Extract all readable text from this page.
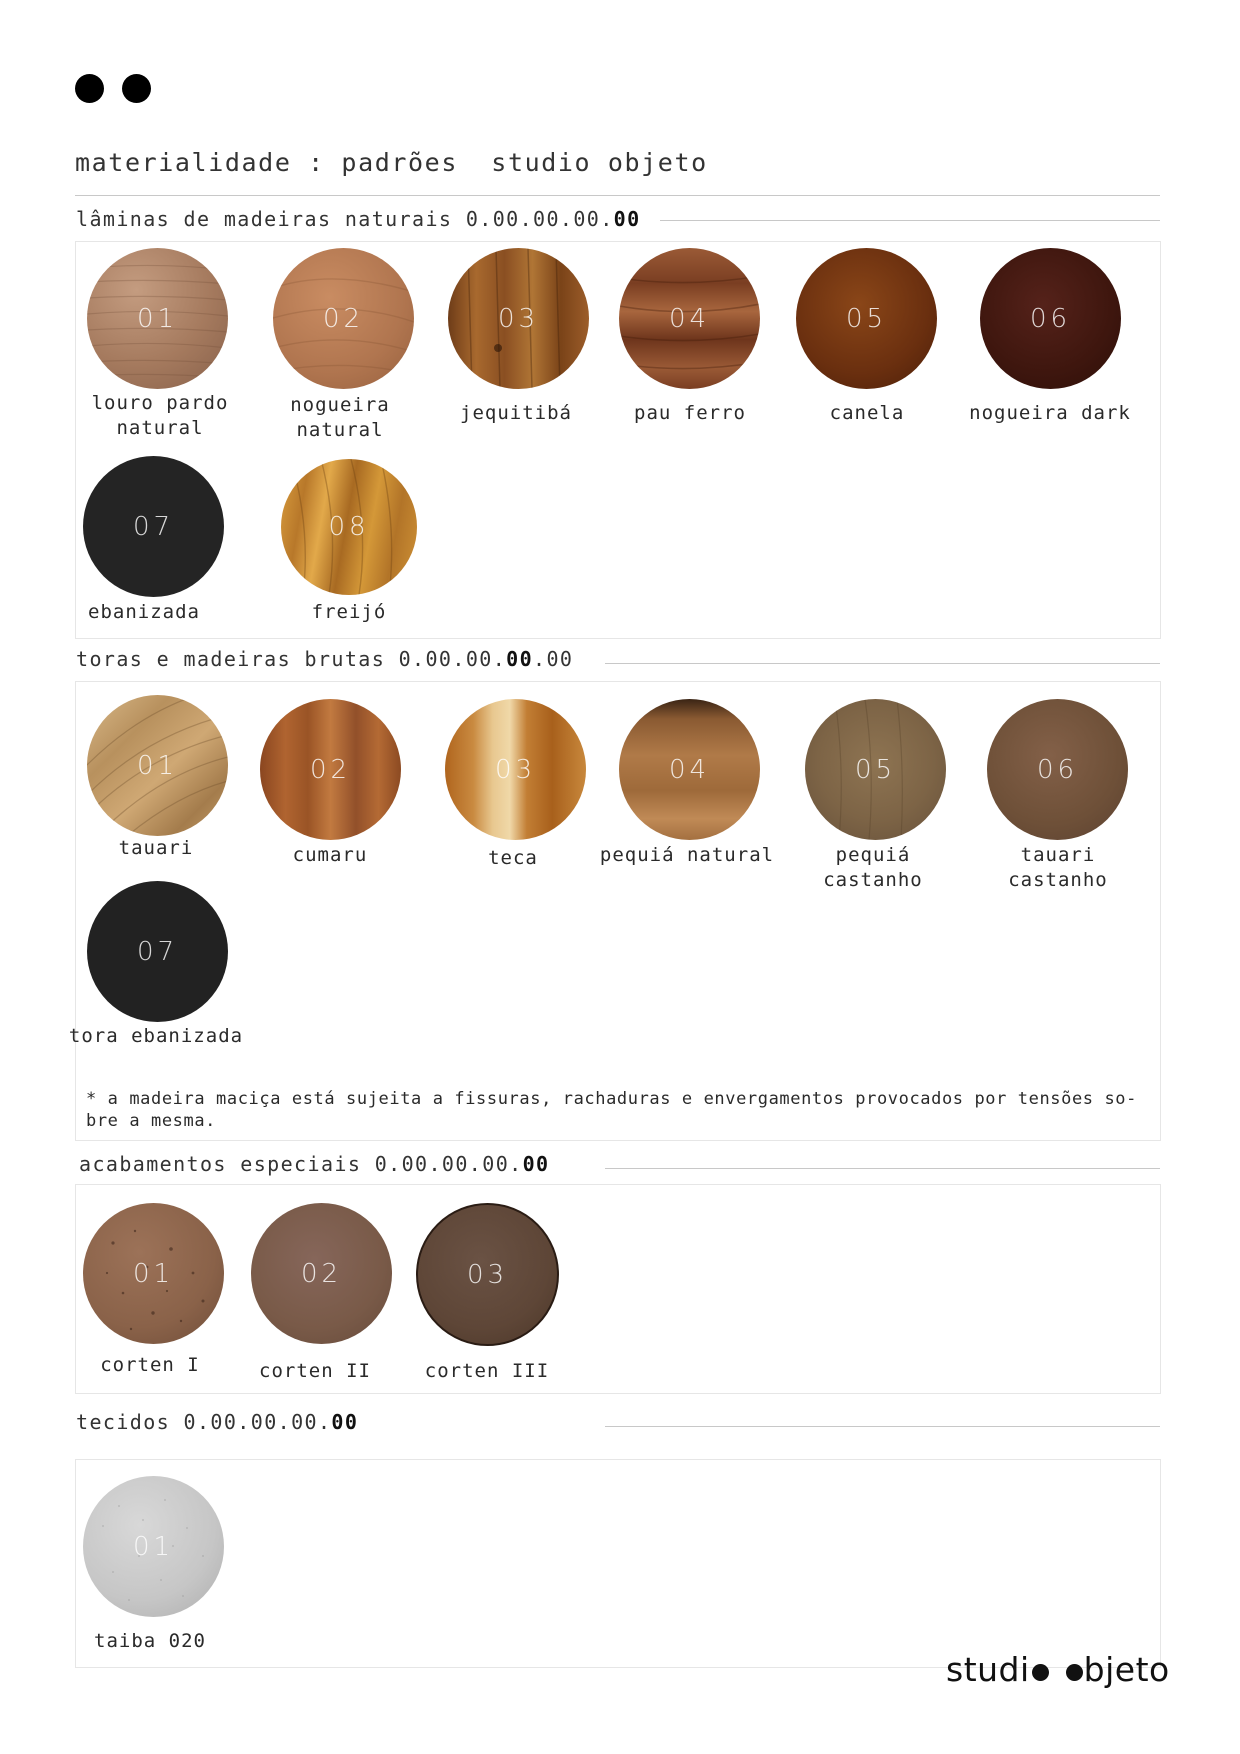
materialidade : padrões studio objeto
lâminas de madeiras naturais 0.00.00.00.00
01
louro pardo natural
02
nogueira natural
03
jequitibá
04
pau ferro
05
canela
06
nogueira dark
07
ebanizada
08
freijó
toras e madeiras brutas 0.00.00.00.00
01
tauari
02
cumaru
03
teca
04
pequiá natural
05
pequiá castanho
06
tauari castanho
07
tora ebanizada
* a madeira maciça está sujeita a fissuras, rachaduras e envergamentos provocados por tensões so-bre a mesma.
acabamentos especiais 0.00.00.00.00
01
corten I
02
corten II
03
corten III
tecidos 0.00.00.00.00
01
taiba 020
studi bjeto
